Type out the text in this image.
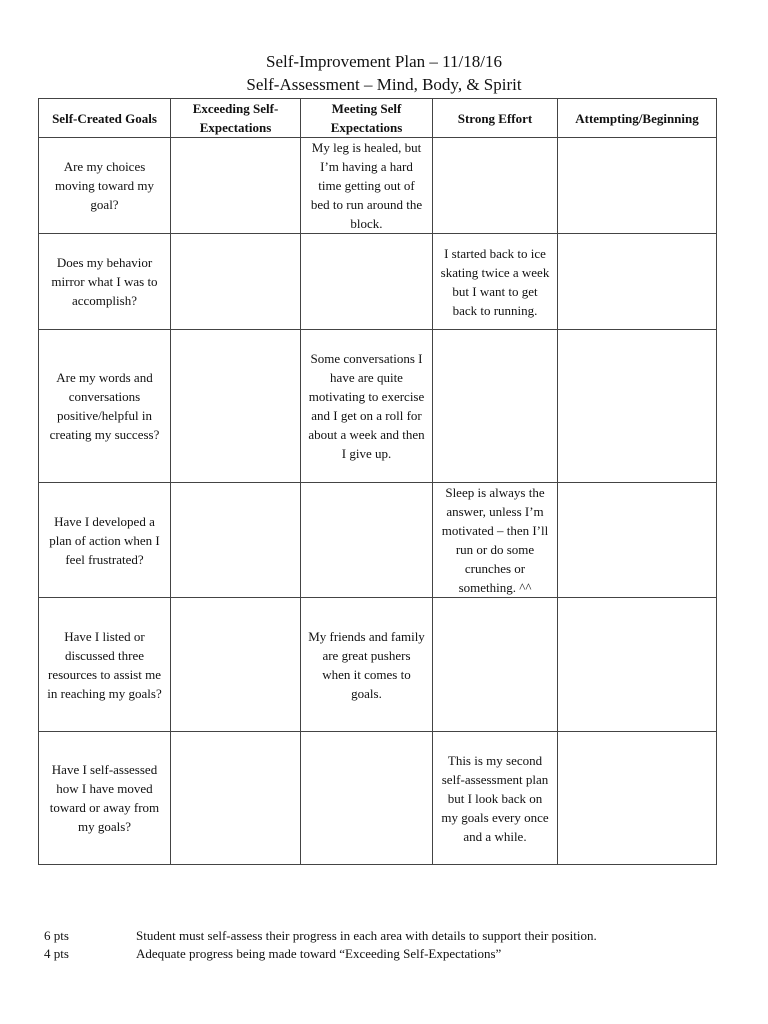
Self-Improvement Plan – 11/18/16
Self-Assessment – Mind, Body, & Spirit
Self-Created Goals	Exceeding Self-Expectations	Meeting Self Expectations	Strong Effort	Attempting/Beginning
Are my choices moving toward my goal?		My leg is healed, but I’m having a hard time getting out of bed to run around the block.		
Does my behavior mirror what I was to accomplish?			I started back to ice skating twice a week but I want to get back to running.	
Are my words and conversations positive/helpful in creating my success?		Some conversations I have are quite motivating to exercise and I get on a roll for about a week and then I give up.		
Have I developed a plan of action when I feel frustrated?			Sleep is always the answer, unless I’m motivated – then I’ll run or do some crunches or something. ^^	
Have I listed or discussed three resources to assist me in reaching my goals?		My friends and family are great pushers when it comes to goals.		
Have I self-assessed how I have moved toward or away from my goals?			This is my second self-assessment plan but I look back on my goals every once and a while.	
6 pts	Student must self-assess their progress in each area with details to support their position.
4 pts	Adequate progress being made toward “Exceeding Self-Expectations”
